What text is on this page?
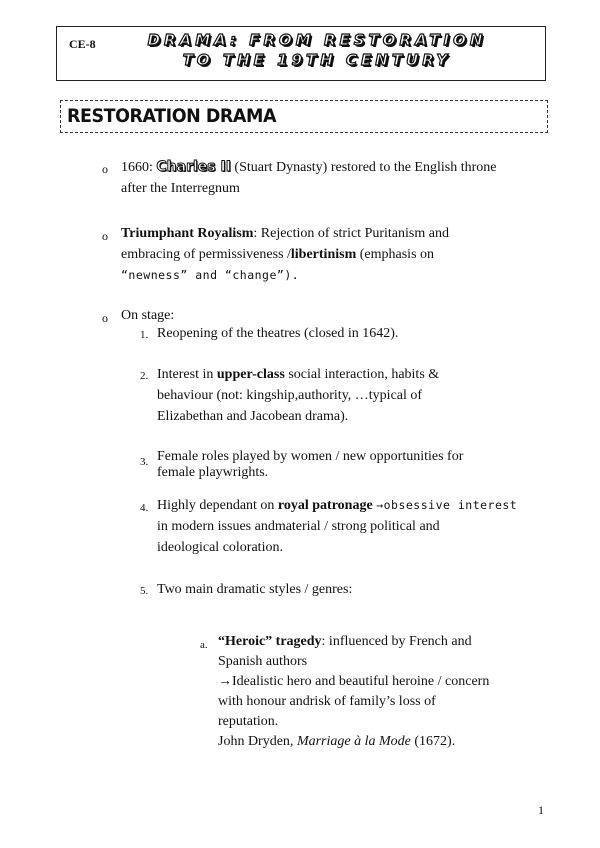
CE-8	DRAMA: FROM RESTORATION
TO THE 19TH CENTURY
RESTORATION DRAMA
o 1660: Charles II (Stuart Dynasty) restored to the English throne
after the Interregnum
o Triumphant Royalism: Rejection of strict Puritanism and
embracing of permissiveness /libertinism (emphasis on
“newness” and “change”).
o On stage:
1. Reopening of the theatres (closed in 1642).
2. Interest in upper-class social interaction, habits &
behaviour (not: kingship,authority, …typical of
Elizabethan and Jacobean drama).
3. Female roles played by women / new opportunities for
female playwrights.
4. Highly dependant on royal patronage →obsessive interest
in modern issues andmaterial / strong political and
ideological coloration.
5. Two main dramatic styles / genres:
a. “Heroic” tragedy: influenced by French and
Spanish authors
→Idealistic hero and beautiful heroine / concern
with honour andrisk of family’s loss of
reputation.
John Dryden, Marriage à la Mode (1672).
1
